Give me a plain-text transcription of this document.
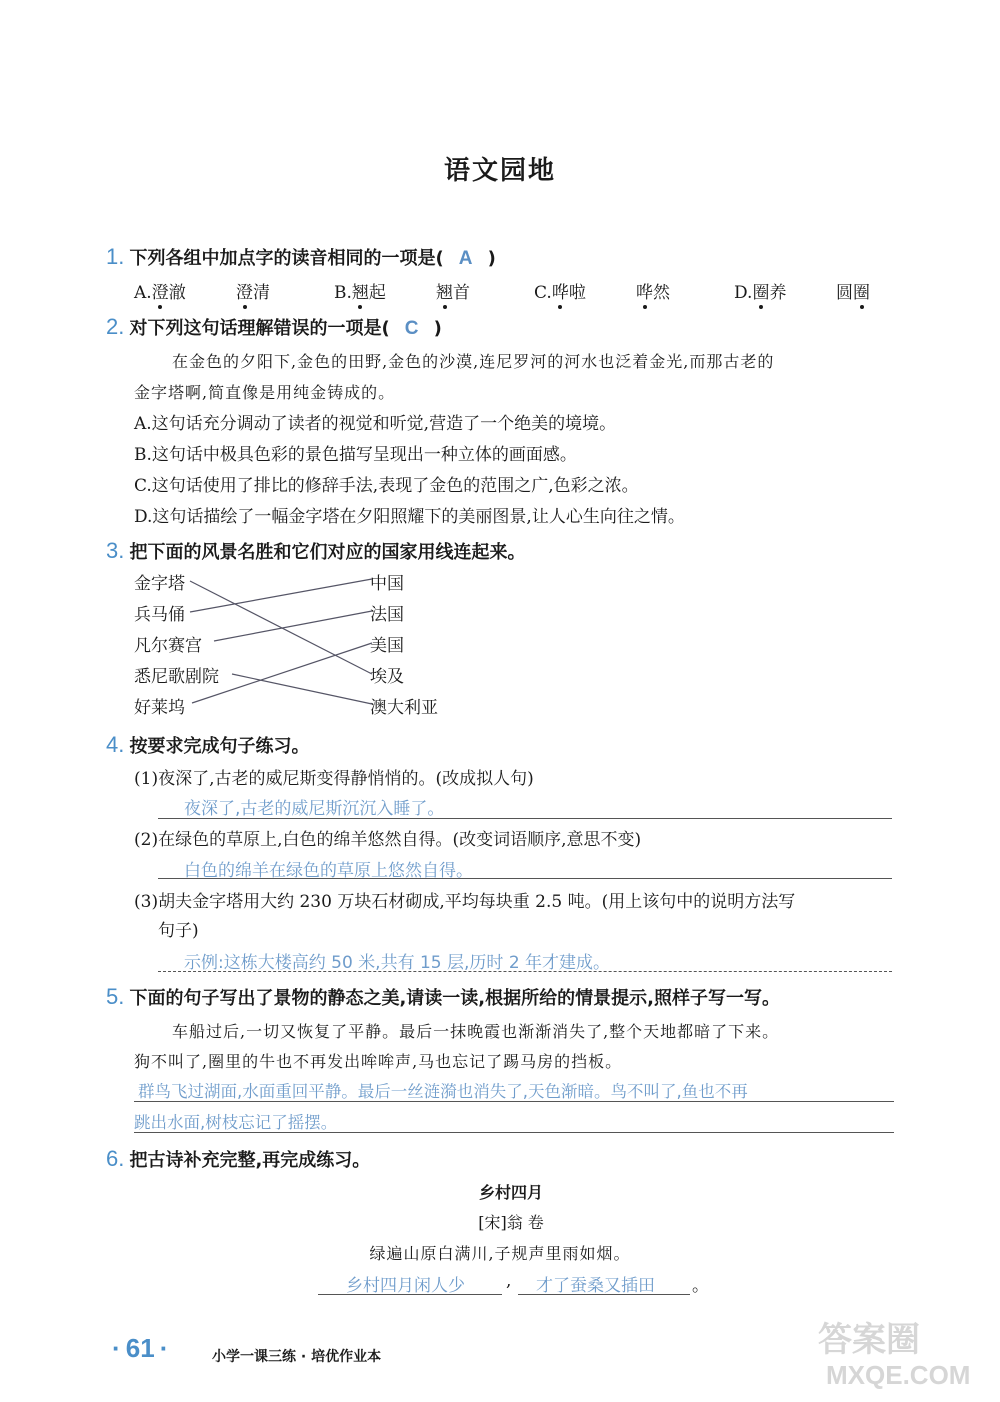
语文园地
1. 下列各组中加点字的读音相同的一项是( A )
A.澄澈	澄清	B.翘起	翘首	C.哗啦	哗然	D.圈养	圆圈
2. 对下列这句话理解错误的一项是( C )
在金色的夕阳下,金色的田野,金色的沙漠,连尼罗河的河水也泛着金光,而那古老的
金字塔啊,简直像是用纯金铸成的。
A.这句话充分调动了读者的视觉和听觉,营造了一个绝美的境境。
B.这句话中极具色彩的景色描写呈现出一种立体的画面感。
C.这句话使用了排比的修辞手法,表现了金色的范围之广,色彩之浓。
D.这句话描绘了一幅金字塔在夕阳照耀下的美丽图景,让人心生向往之情。
3. 把下面的风景名胜和它们对应的国家用线连起来。
金字塔
兵马俑
凡尔赛宫
悉尼歌剧院
好莱坞
中国
法国
美国
埃及
澳大利亚
4. 按要求完成句子练习。
(1)夜深了,古老的威尼斯变得静悄悄的。(改成拟人句)
夜深了,古老的威尼斯沉沉入睡了。
(2)在绿色的草原上,白色的绵羊悠然自得。(改变词语顺序,意思不变)
白色的绵羊在绿色的草原上悠然自得。
(3)胡夫金字塔用大约 230 万块石材砌成,平均每块重 2.5 吨。(用上该句中的说明方法写
句子)
示例:这栋大楼高约 50 米,共有 15 层,历时 2 年才建成。
5. 下面的句子写出了景物的静态之美,请读一读,根据所给的情景提示,照样子写一写。
车船过后,一切又恢复了平静。最后一抹晚霞也渐渐消失了,整个天地都暗了下来。
狗不叫了,圈里的牛也不再发出哞哞声,马也忘记了踢马房的挡板。
群鸟飞过湖面,水面重回平静。最后一丝涟漪也消失了,天色渐暗。鸟不叫了,鱼也不再
跳出水面,树枝忘记了摇摆。
6. 把古诗补充完整,再完成练习。
乡村四月
[宋]翁 卷
绿遍山原白满川,子规声里雨如烟。
乡村四月闲人少 , 才了蚕桑又插田 。
· 61 ·	小学一课三练 · 培优作业本	答案圈
MXQE.COM
